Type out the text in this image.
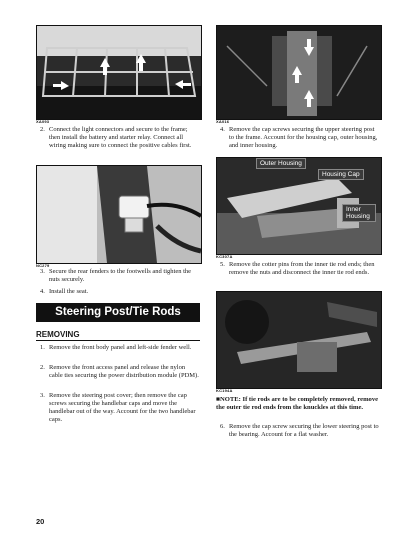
XA093
2. Connect the light connectors and secure to the frame; then install the battery and starter relay. Connect all wiring making sure to connect the positive cables first.
NC279
3. Secure the rear fenders to the footwells and tighten the nuts securely.
4. Install the seat.
Steering Post/Tie Rods
REMOVING
1. Remove the front body panel and left-side fender well.
2. Remove the front access panel and release the nylon cable ties securing the power distribution module (PDM).
3. Remove the steering post cover; then remove the cap screws securing the handlebar caps and move the handlebar out of the way. Account for the two handlebar caps.
XA016
4. Remove the cap screws securing the upper steering post to the frame. Account for the housing cap, outer housing, and inner housing.
Outer Housing
Housing Cap
Inner Housing
KC307A
5. Remove the cotter pins from the inner tie rod ends; then remove the nuts and disconnect the inner tie rod ends.
KC194A
■NOTE: If tie rods are to be completely removed, remove the outer tie rod ends from the knuckles at this time.
6. Remove the cap screw securing the lower steering post to the bearing. Account for a flat washer.
20
